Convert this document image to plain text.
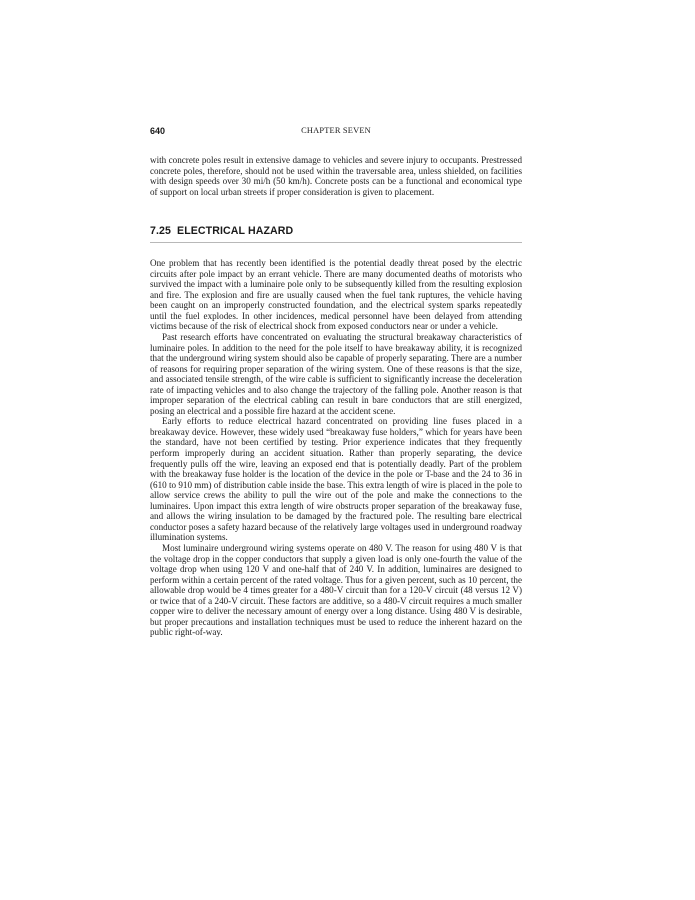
640	CHAPTER SEVEN

with concrete poles result in extensive damage to vehicles and severe injury to occupants. Prestressed concrete poles, therefore, should not be used within the traversable area, unless shielded, on facilities with design speeds over 30 mi/h (50 km/h). Concrete posts can be a functional and economical type of support on local urban streets if proper consideration is given to placement.

7.25 ELECTRICAL HAZARD

One problem that has recently been identified is the potential deadly threat posed by the electric circuits after pole impact by an errant vehicle. There are many documented deaths of motorists who survived the impact with a luminaire pole only to be subsequently killed from the resulting explosion and fire. The explosion and fire are usually caused when the fuel tank ruptures, the vehicle having been caught on an improperly constructed foundation, and the electrical system sparks repeatedly until the fuel explodes. In other incidences, medical personnel have been delayed from attending victims because of the risk of electrical shock from exposed conductors near or under a vehicle.

Past research efforts have concentrated on evaluating the structural breakaway characteristics of luminaire poles. In addition to the need for the pole itself to have breakaway ability, it is recognized that the underground wiring system should also be capable of properly separating. There are a number of reasons for requiring proper separation of the wiring system. One of these reasons is that the size, and associated tensile strength, of the wire cable is sufficient to significantly increase the deceleration rate of impacting vehicles and to also change the trajectory of the falling pole. Another reason is that improper separation of the electrical cabling can result in bare conductors that are still energized, posing an electrical and a possible fire hazard at the accident scene.

Early efforts to reduce electrical hazard concentrated on providing line fuses placed in a breakaway device. However, these widely used “breakaway fuse holders,” which for years have been the standard, have not been certified by testing. Prior experience indicates that they frequently perform improperly during an accident situation. Rather than properly separating, the device frequently pulls off the wire, leaving an exposed end that is potentially deadly. Part of the problem with the breakaway fuse holder is the location of the device in the pole or T-base and the 24 to 36 in (610 to 910 mm) of distribution cable inside the base. This extra length of wire is placed in the pole to allow service crews the ability to pull the wire out of the pole and make the connections to the luminaires. Upon impact this extra length of wire obstructs proper separation of the breakaway fuse, and allows the wiring insulation to be damaged by the fractured pole. The resulting bare electrical conductor poses a safety hazard because of the relatively large voltages used in underground roadway illumination systems.

Most luminaire underground wiring systems operate on 480 V. The reason for using 480 V is that the voltage drop in the copper conductors that supply a given load is only one-fourth the value of the voltage drop when using 120 V and one-half that of 240 V. In addition, luminaires are designed to perform within a certain percent of the rated voltage. Thus for a given percent, such as 10 percent, the allowable drop would be 4 times greater for a 480-V circuit than for a 120-V circuit (48 versus 12 V) or twice that of a 240-V circuit. These factors are additive, so a 480-V circuit requires a much smaller copper wire to deliver the necessary amount of energy over a long distance. Using 480 V is desirable, but proper precautions and installation techniques must be used to reduce the inherent hazard on the public right-of-way.
